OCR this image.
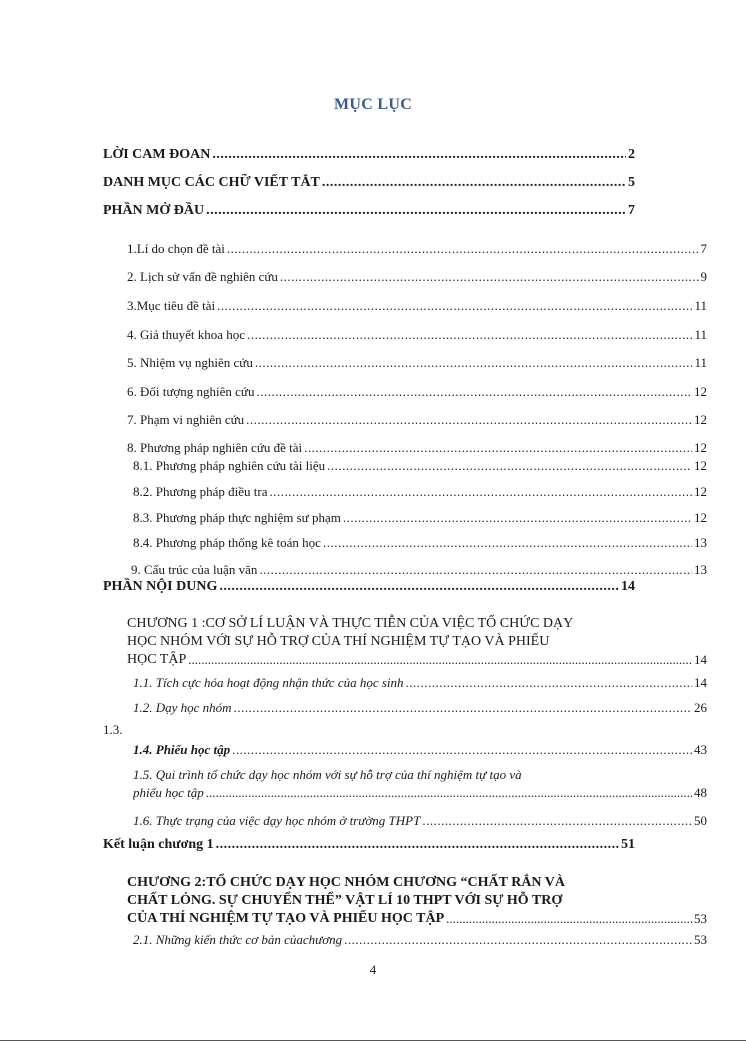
MỤC LỤC
LỜI CAM ĐOAN .....	2
DANH MỤC CÁC CHỮ VIẾT TẮT .....	5
PHẦN MỞ ĐẦU .....	7
1.Lí do chọn đề tài .....	7
2. Lịch sử vấn đề nghiên cứu .....	9
3.Mục tiêu đề tài .....	11
4. Giả thuyết khoa học .....	11
5. Nhiệm vụ nghiên cứu .....	11
6. Đối tượng nghiên cứu .....	12
7. Phạm vi nghiên cứu .....	12
8. Phương pháp nghiên cứu đề tài .....	12
8.1. Phương pháp nghiên cứu tài liệu .....	12
8.2. Phương pháp điều tra .....	12
8.3. Phương pháp thực nghiệm sư phạm .....	12
8.4. Phương pháp thống kê toán học .....	13
9. Cấu trúc của luận văn .....	13
PHẦN NỘI DUNG .....	14
CHƯƠNG 1 :CƠ SỞ LÍ LUẬN VÀ THỰC TIỄN CỦA VIỆC TỔ CHỨC DẠY
HỌC NHÓM VỚI SỰ HỖ TRỢ CỦA THÍ NGHIỆM TỰ TẠO VÀ PHIẾU
HỌC TẬP .....	14
1.1. Tích cực hóa hoạt động nhận thức của học sinh .....	14
1.2. Dạy học nhóm .....	26
1.3.
1.4. Phiếu học tập .....	43
1.5. Qui trình tổ chức dạy học nhóm với sự hỗ trợ của thí nghiệm tự tạo và
phiếu học tập .....	48
1.6. Thực trạng của việc dạy học nhóm ở trường THPT .....	50
Kết luận chương 1 .....	51
CHƯƠNG 2:TỔ CHỨC DẠY HỌC NHÓM CHƯƠNG “CHẤT RẮN VÀ
CHẤT LỎNG. SỰ CHUYỂN THỂ” VẬT LÍ 10 THPT VỚI SỰ HỖ TRỢ
CỦA THÍ NGHIỆM TỰ TẠO VÀ PHIẾU HỌC TẬP .....	53
2.1. Những kiến thức cơ bản củachương .....	53
4
